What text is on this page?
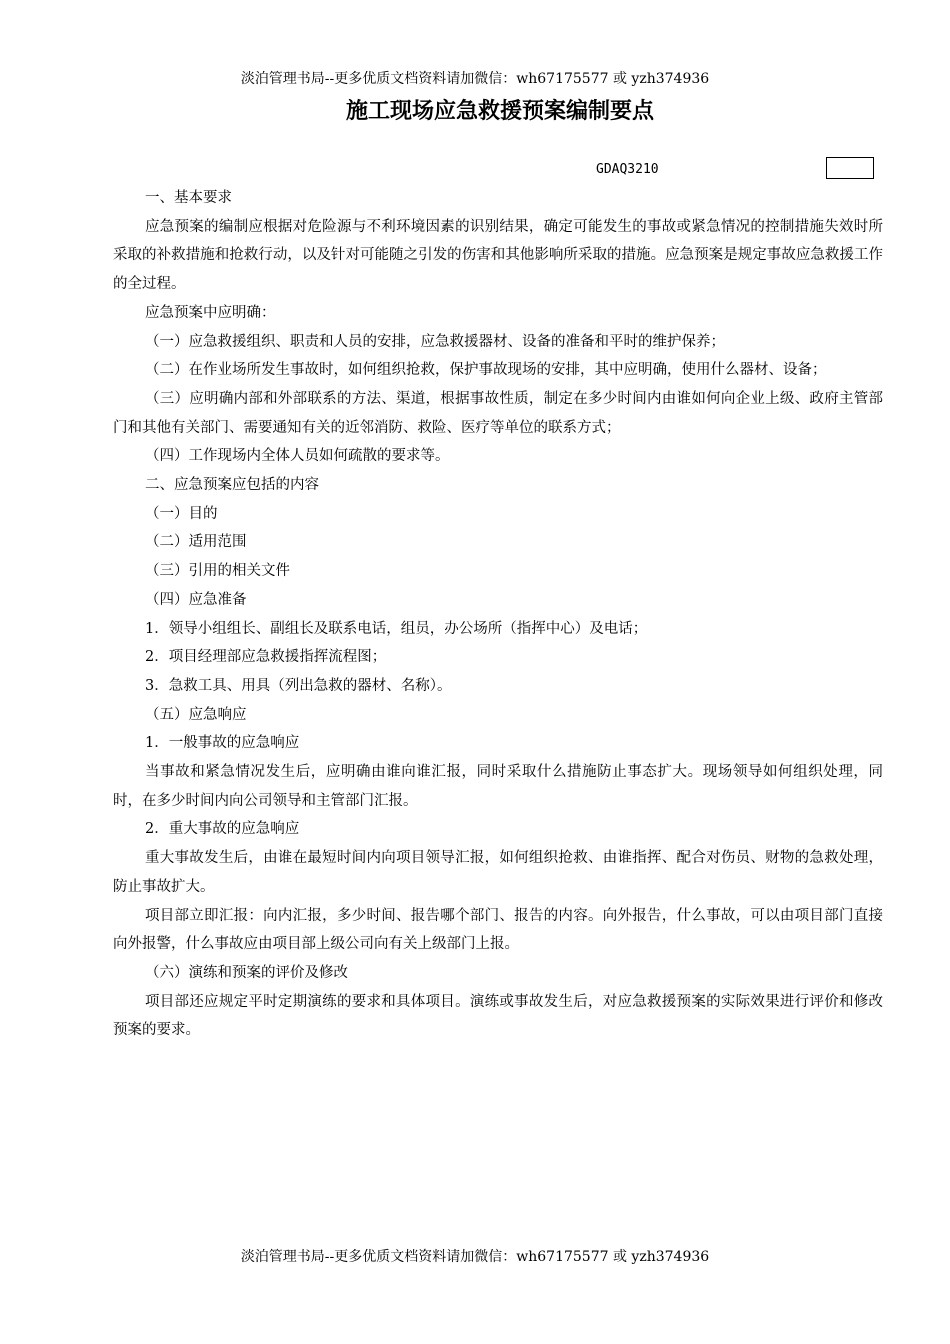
淡泊管理书局--更多优质文档资料请加微信：wh67175577 或 yzh374936
施工现场应急救援预案编制要点
GDAQ3210

一、基本要求

应急预案的编制应根据对危险源与不利环境因素的识别结果，确定可能发生的事故或紧急情况的控制措施失效时所采取的补救措施和抢救行动，以及针对可能随之引发的伤害和其他影响所采取的措施。应急预案是规定事故应急救援工作的全过程。

应急预案中应明确：

（一）应急救援组织、职责和人员的安排，应急救援器材、设备的准备和平时的维护保养；

（二）在作业场所发生事故时，如何组织抢救，保护事故现场的安排，其中应明确，使用什么器材、设备；

（三）应明确内部和外部联系的方法、渠道，根据事故性质，制定在多少时间内由谁如何向企业上级、政府主管部门和其他有关部门、需要通知有关的近邻消防、救险、医疗等单位的联系方式；

（四）工作现场内全体人员如何疏散的要求等。

二、应急预案应包括的内容

（一）目的

（二）适用范围

（三）引用的相关文件

（四）应急准备

1．领导小组组长、副组长及联系电话，组员，办公场所（指挥中心）及电话；

2．项目经理部应急救援指挥流程图；

3．急救工具、用具（列出急救的器材、名称）。

（五）应急响应

1．一般事故的应急响应

当事故和紧急情况发生后，应明确由谁向谁汇报，同时采取什么措施防止事态扩大。现场领导如何组织处理，同时，在多少时间内向公司领导和主管部门汇报。

2．重大事故的应急响应

重大事故发生后，由谁在最短时间内向项目领导汇报，如何组织抢救、由谁指挥、配合对伤员、财物的急救处理，防止事故扩大。

项目部立即汇报：向内汇报，多少时间、报告哪个部门、报告的内容。向外报告，什么事故，可以由项目部门直接向外报警，什么事故应由项目部上级公司向有关上级部门上报。

（六）演练和预案的评价及修改

项目部还应规定平时定期演练的要求和具体项目。演练或事故发生后，对应急救援预案的实际效果进行评价和修改预案的要求。

淡泊管理书局--更多优质文档资料请加微信：wh67175577 或 yzh374936
